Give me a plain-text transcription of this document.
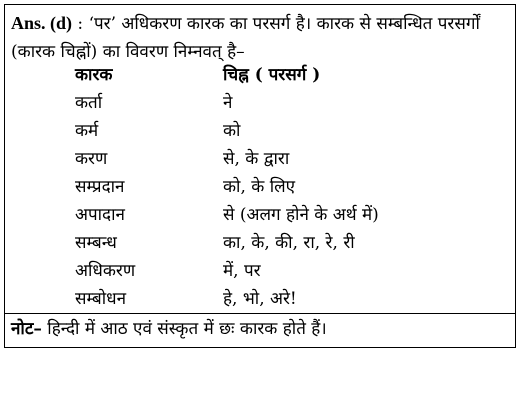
Ans. (d) : ‘पर’ अधिकरण कारक का परसर्ग है। कारक से सम्बन्धित परसर्गों (कारक चिह्नों) का विवरण निम्नवत् है–
कारक	चिह्न ( परसर्ग )
कर्ता	ने
कर्म	को
करण	से, के द्वारा
सम्प्रदान	को, के लिए
अपादान	से (अलग होने के अर्थ में)
सम्बन्ध	का, के, की, रा, रे, री
अधिकरण	में, पर
सम्बोधन	हे, भो, अरे!
नोट– हिन्दी में आठ एवं संस्कृत में छः कारक होते हैं।
